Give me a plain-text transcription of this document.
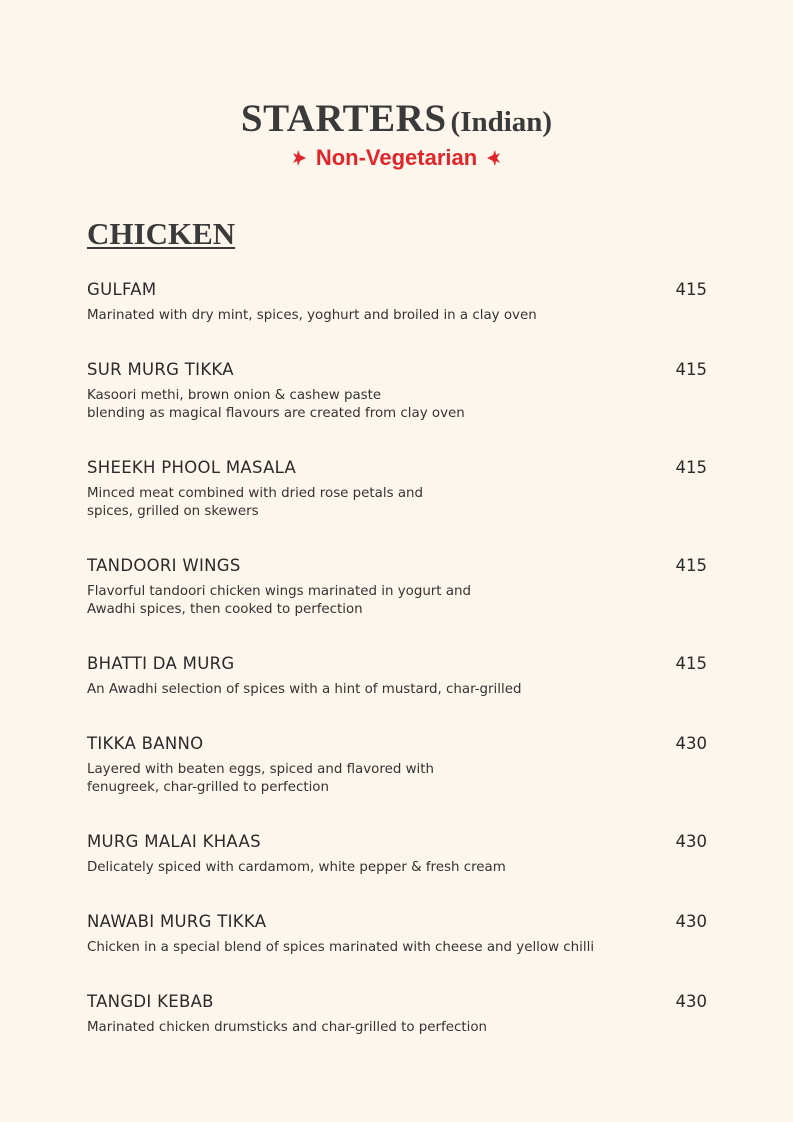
STARTERS (Indian)
Non-Vegetarian
CHICKEN
GULFAM	415
Marinated with dry mint, spices, yoghurt and broiled in a clay oven
SUR MURG TIKKA	415
Kasoori methi, brown onion & cashew paste
blending as magical flavours are created from clay oven
SHEEKH PHOOL MASALA	415
Minced meat combined with dried rose petals and
spices, grilled on skewers
TANDOORI WINGS	415
Flavorful tandoori chicken wings marinated in yogurt and
Awadhi spices, then cooked to perfection
BHATTI DA MURG	415
An Awadhi selection of spices with a hint of mustard, char-grilled
TIKKA BANNO	430
Layered with beaten eggs, spiced and flavored with
fenugreek, char-grilled to perfection
MURG MALAI KHAAS	430
Delicately spiced with cardamom, white pepper & fresh cream
NAWABI MURG TIKKA	430
Chicken in a special blend of spices marinated with cheese and yellow chilli
TANGDI KEBAB	430
Marinated chicken drumsticks and char-grilled to perfection
